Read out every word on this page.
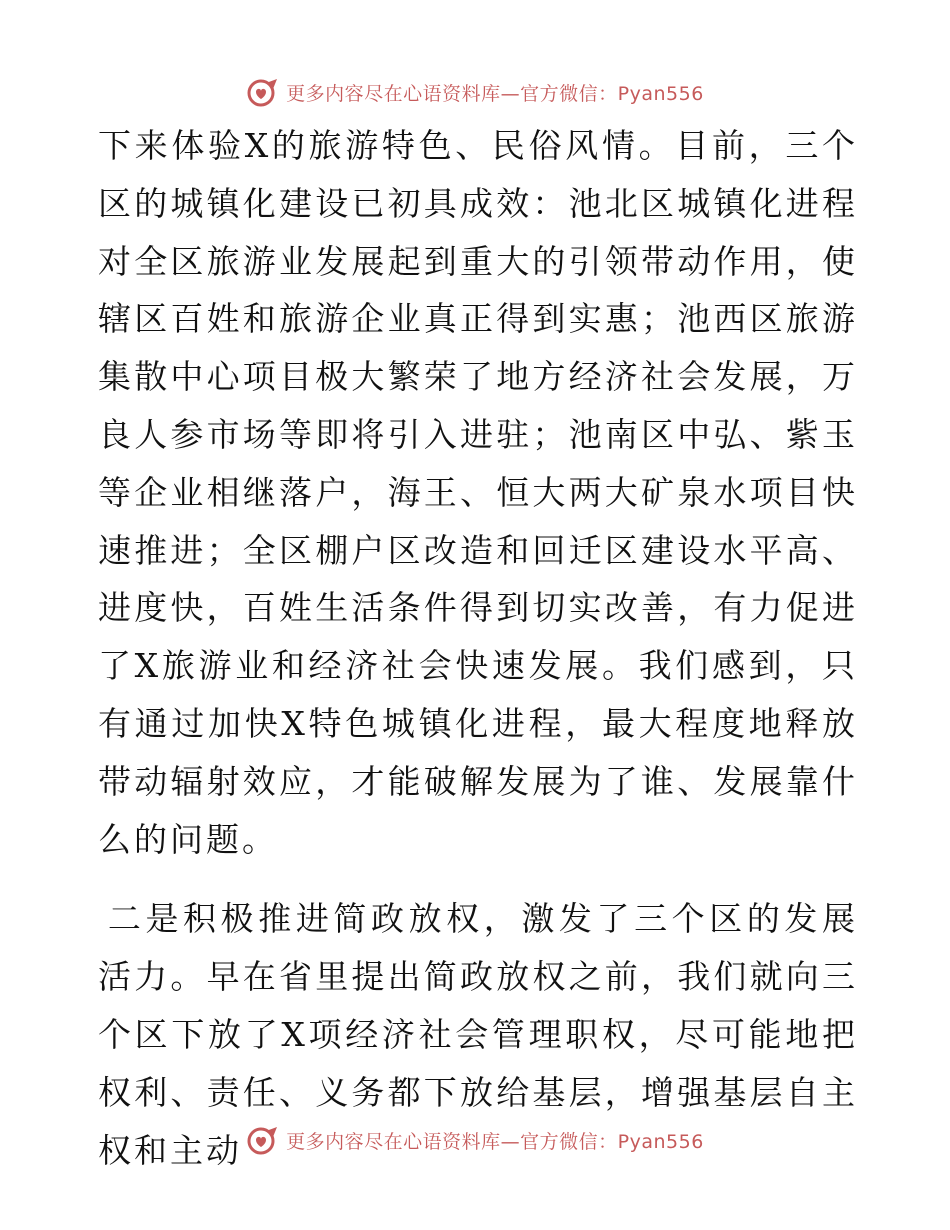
更多内容尽在心语资料库—官方微信：Pyan556

下来体验X的旅游特色、民俗风情。目前，三个区的城镇化建设已初具成效：池北区城镇化进程对全区旅游业发展起到重大的引领带动作用，使辖区百姓和旅游企业真正得到实惠；池西区旅游集散中心项目极大繁荣了地方经济社会发展，万良人参市场等即将引入进驻；池南区中弘、紫玉等企业相继落户，海王、恒大两大矿泉水项目快速推进；全区棚户区改造和回迁区建设水平高、进度快，百姓生活条件得到切实改善，有力促进了X旅游业和经济社会快速发展。我们感到，只有通过加快X特色城镇化进程，最大程度地释放带动辐射效应，才能破解发展为了谁、发展靠什么的问题。

二是积极推进简政放权，激发了三个区的发展活力。早在省里提出简政放权之前，我们就向三个区下放了X项经济社会管理职权，尽可能地把权利、责任、义务都下放给基层，增强基层自主权和主动	更多内容尽在心语资料库—官方微信：Pyan556
